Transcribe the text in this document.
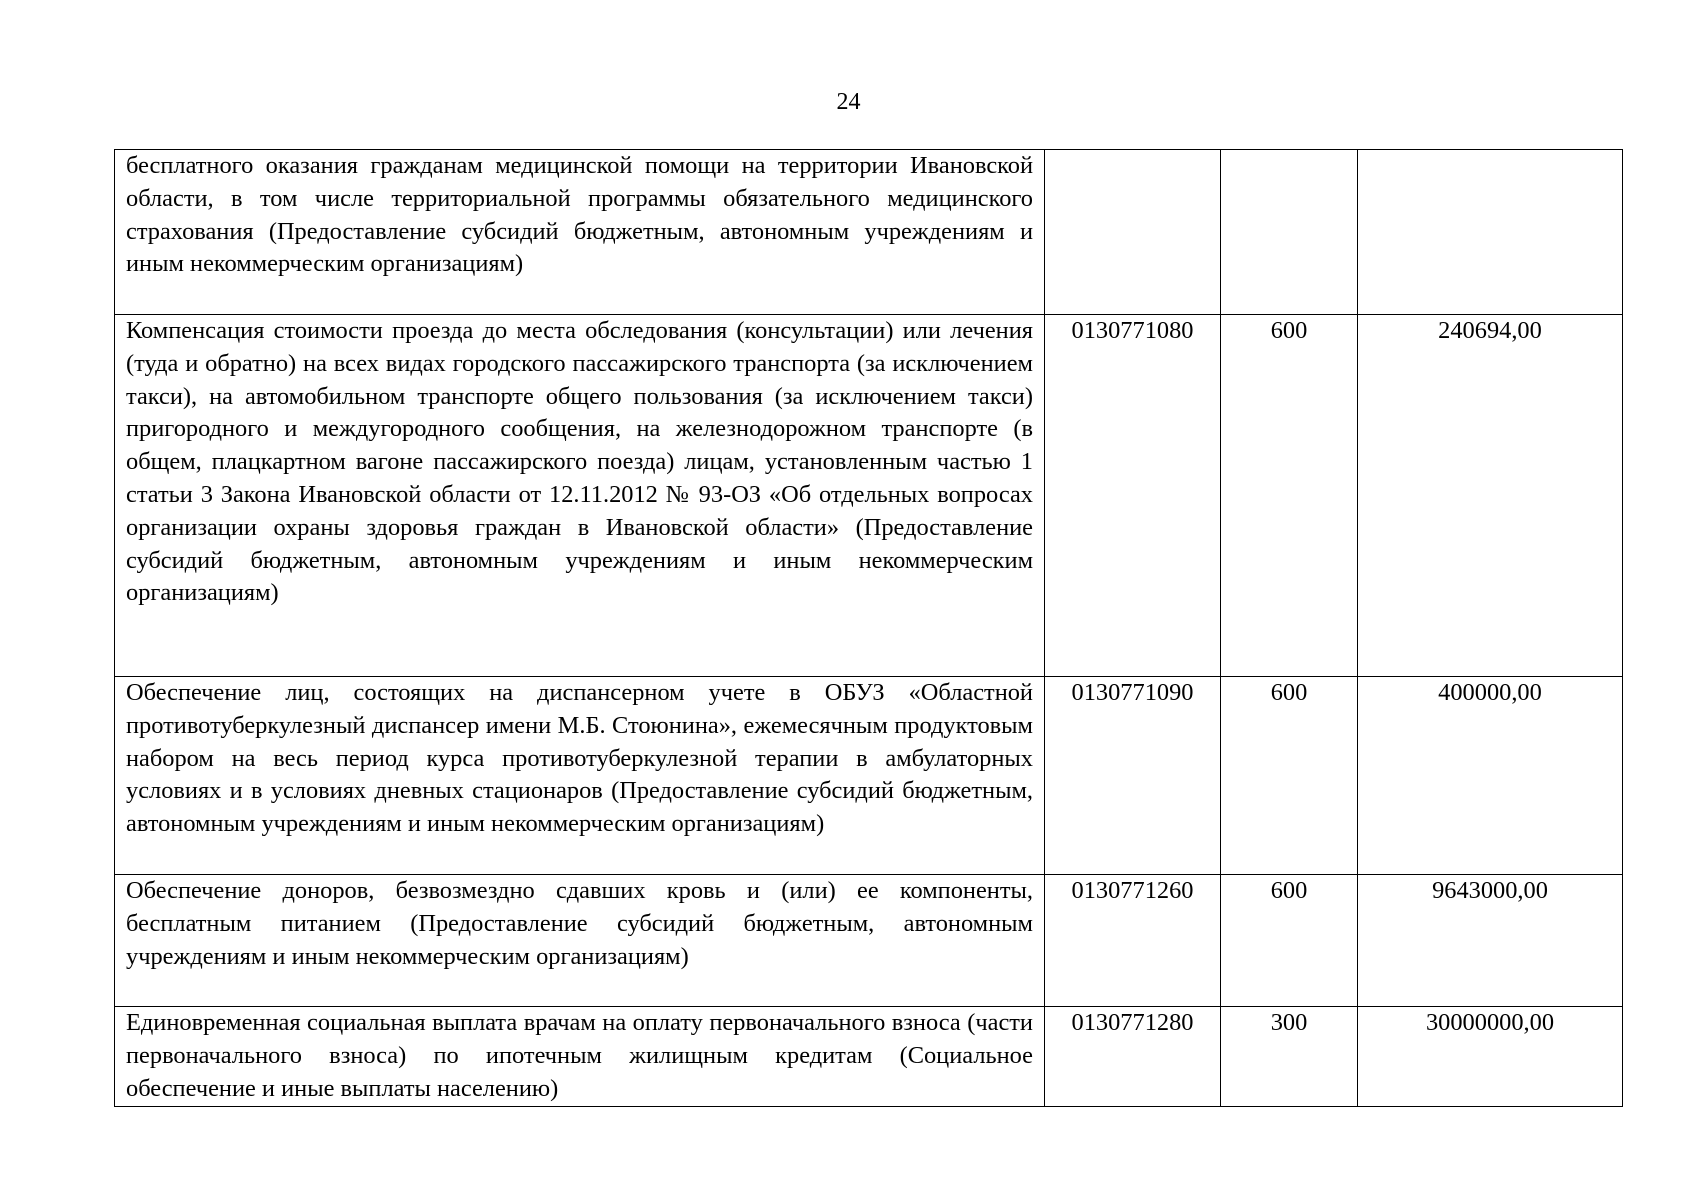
24
бесплатного оказания гражданам медицинской помощи на территории Ивановской области, в том числе территориальной программы обязательного медицинского страхования (Предоставление субсидий бюджетным, автономным учреждениям и иным некоммерческим организациям)			
Компенсация стоимости проезда до места обследования (консультации) или лечения (туда и обратно) на всех видах городского пассажирского транспорта (за исключением такси), на автомобильном транспорте общего пользования (за исключением такси) пригородного и междугородного сообщения, на железнодорожном транспорте (в общем, плацкартном вагоне пассажирского поезда) лицам, установленным частью 1 статьи 3 Закона Ивановской области от 12.11.2012 № 93-ОЗ «Об отдельных вопросах организации охраны здоровья граждан в Ивановской области» (Предоставление субсидий бюджетным, автономным учреждениям и иным некоммерческим организациям)	0130771080	600	240694,00
Обеспечение лиц, состоящих на диспансерном учете в ОБУЗ «Областной противотуберкулезный диспансер имени М.Б. Стоюнина», ежемесячным продуктовым набором на весь период курса противотуберкулезной терапии в амбулаторных условиях и в условиях дневных стационаров (Предоставление субсидий бюджетным, автономным учреждениям и иным некоммерческим организациям)	0130771090	600	400000,00
Обеспечение доноров, безвозмездно сдавших кровь и (или) ее компоненты, бесплатным питанием (Предоставление субсидий бюджетным, автономным учреждениям и иным некоммерческим организациям)	0130771260	600	9643000,00
Единовременная социальная выплата врачам на оплату первоначального взноса (части первоначального взноса) по ипотечным жилищным кредитам (Социальное обеспечение и иные выплаты населению)	0130771280	300	30000000,00
